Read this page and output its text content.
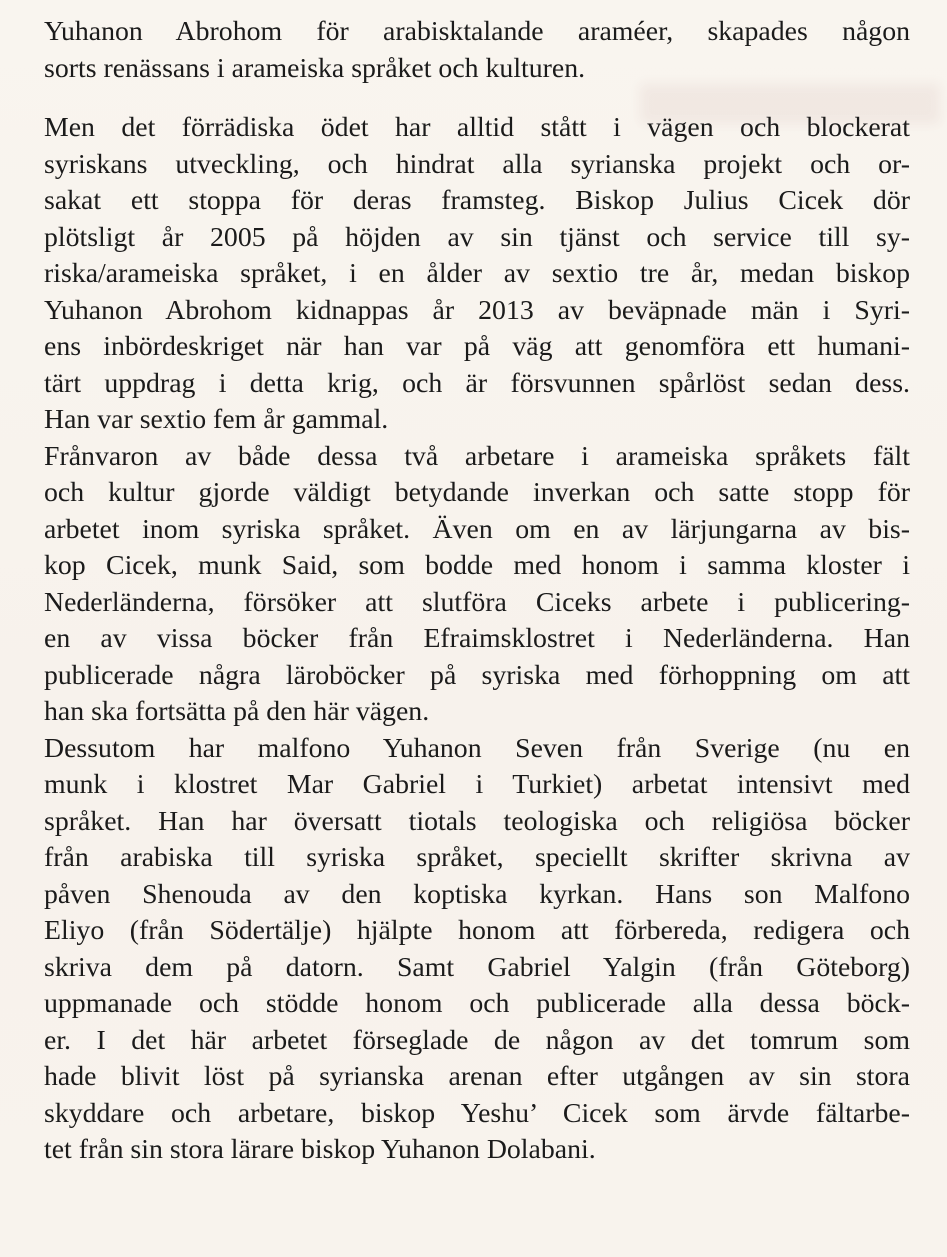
Yuhanon Abrohom för arabisktalande araméer, skapades någon
sorts renässans i arameiska språket och kulturen.
Men det förrädiska ödet har alltid stått i vägen och blockerat
syriskans utveckling, och hindrat alla syrianska projekt och or-
sakat ett stoppa för deras framsteg. Biskop Julius Cicek dör
plötsligt år 2005 på höjden av sin tjänst och service till sy-
riska/arameiska språket, i en ålder av sextio tre år, medan biskop
Yuhanon Abrohom kidnappas år 2013 av beväpnade män i Syri-
ens inbördeskriget när han var på väg att genomföra ett humani-
tärt uppdrag i detta krig, och är försvunnen spårlöst sedan dess.
Han var sextio fem år gammal.
Frånvaron av både dessa två arbetare i arameiska språkets fält
och kultur gjorde väldigt betydande inverkan och satte stopp för
arbetet inom syriska språket. Även om en av lärjungarna av bis-
kop Cicek, munk Said, som bodde med honom i samma kloster i
Nederländerna, försöker att slutföra Ciceks arbete i publicering-
en av vissa böcker från Efraimsklostret i Nederländerna. Han
publicerade några läroböcker på syriska med förhoppning om att
han ska fortsätta på den här vägen.
Dessutom har malfono Yuhanon Seven från Sverige (nu en
munk i klostret Mar Gabriel i Turkiet) arbetat intensivt med
språket. Han har översatt tiotals teologiska och religiösa böcker
från arabiska till syriska språket, speciellt skrifter skrivna av
påven Shenouda av den koptiska kyrkan. Hans son Malfono
Eliyo (från Södertälje) hjälpte honom att förbereda, redigera och
skriva dem på datorn. Samt Gabriel Yalgin (från Göteborg)
uppmanade och stödde honom och publicerade alla dessa böck-
er. I det här arbetet förseglade de någon av det tomrum som
hade blivit löst på syrianska arenan efter utgången av sin stora
skyddare och arbetare, biskop Yeshu’ Cicek som ärvde fältarbe-
tet från sin stora lärare biskop Yuhanon Dolabani.
